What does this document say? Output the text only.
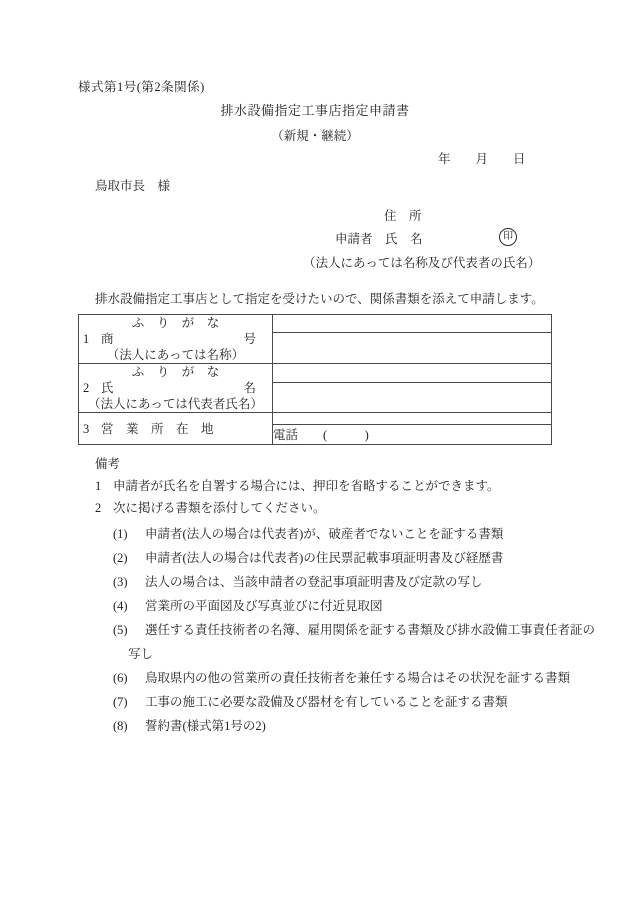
様式第1号(第2条関係)
排水設備指定工事店指定申請書
（新規・継続）
年　　月　　日
鳥取市長　様
住　所
申請者　氏　名	印
（法人にあっては名称及び代表者の氏名）
排水設備指定工事店として指定を受けたいので、関係書類を添えて申請します。
ふ　り　が　な
1 商 号
（法人にあっては名称）	

ふ　り　が　な
2 氏 名
（法人にあっては代表者氏名）	

3 営　業　所　在　地	

	電話　　(　　　)
備考
1 申請者が氏名を自署する場合には、押印を省略することができます。
2 次に掲げる書類を添付してください。
(1) 申請者(法人の場合は代表者)が、破産者でないことを証する書類
(2) 申請者(法人の場合は代表者)の住民票記載事項証明書及び経歴書
(3) 法人の場合は、当該申請者の登記事項証明書及び定款の写し
(4) 営業所の平面図及び写真並びに付近見取図
(5) 選任する責任技術者の名簿、雇用関係を証する書類及び排水設備工事責任者証の
写し
(6) 鳥取県内の他の営業所の責任技術者を兼任する場合はその状況を証する書類
(7) 工事の施工に必要な設備及び器材を有していることを証する書類
(8) 誓約書(様式第1号の2)
